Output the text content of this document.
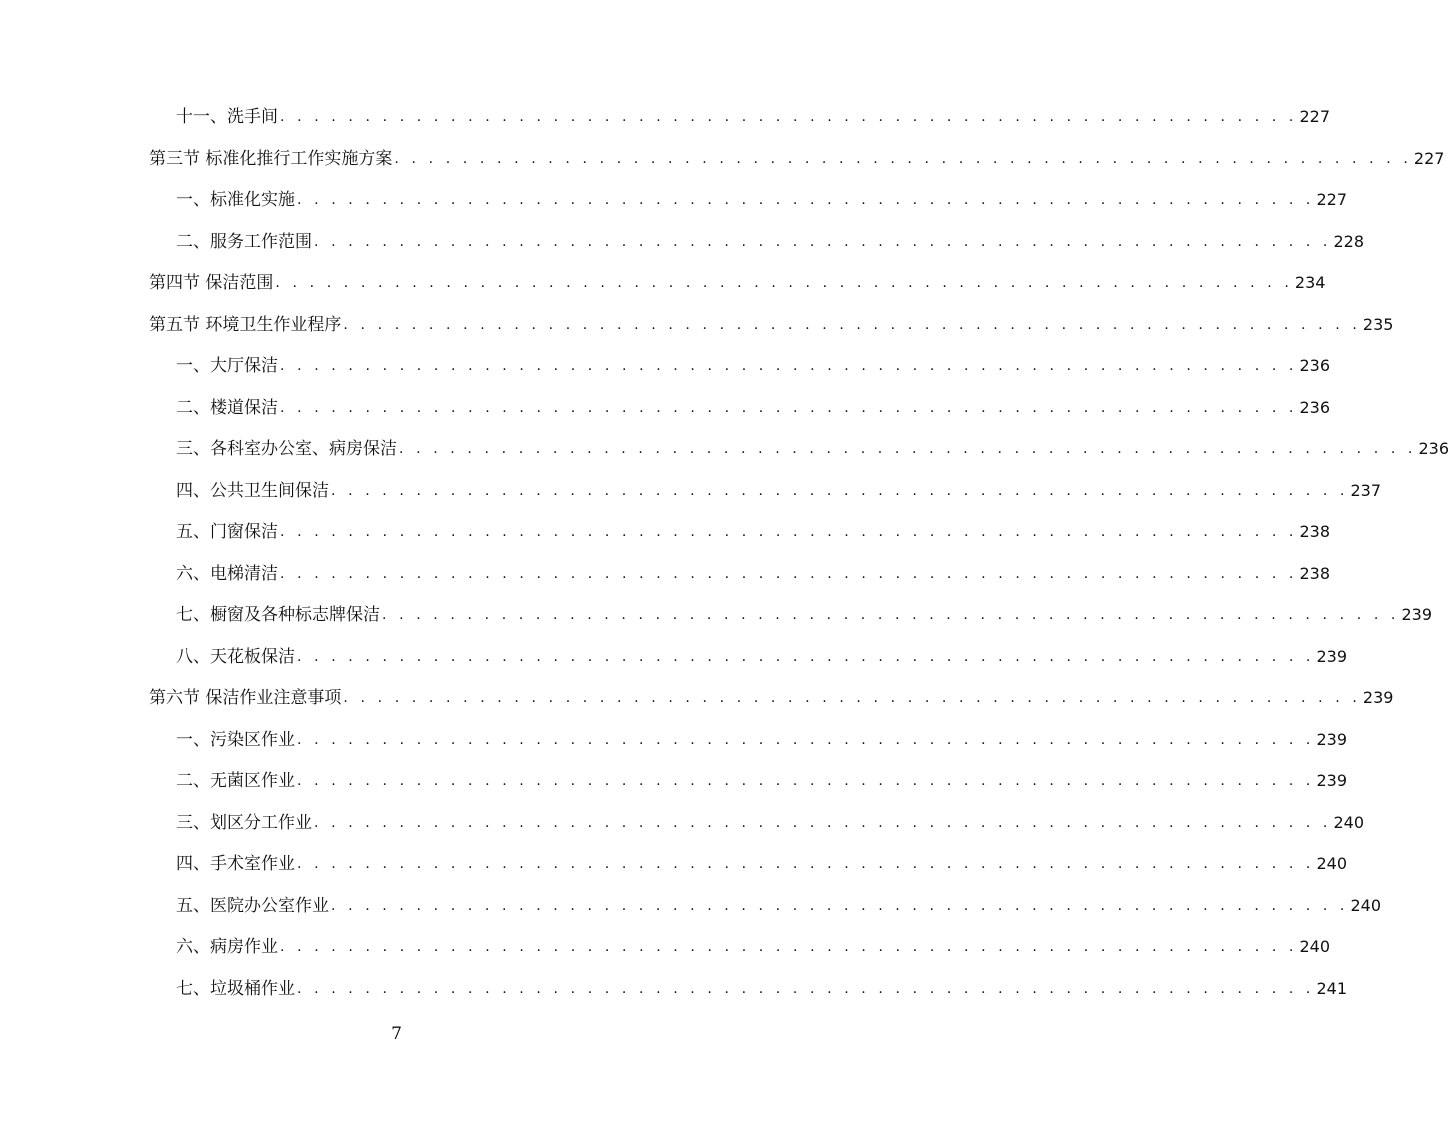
十一、洗手间 . . . . . . . . . . . . . . . . . . . . . . . . . . . . . . . . . . . . . . . . . . . . . . . . . . . . . . . . . . . . 227
第三节 标准化推行工作实施方案 . . . . . . . . . . . . . . . . . . . . . . . . . . . . . . . . . . . . . . . . . . . . . . . . . . . . . . . . . . . . 227
一、标准化实施 . . . . . . . . . . . . . . . . . . . . . . . . . . . . . . . . . . . . . . . . . . . . . . . . . . . . . . . . . . . . 227
二、服务工作范围 . . . . . . . . . . . . . . . . . . . . . . . . . . . . . . . . . . . . . . . . . . . . . . . . . . . . . . . . . . . . 228
第四节 保洁范围 . . . . . . . . . . . . . . . . . . . . . . . . . . . . . . . . . . . . . . . . . . . . . . . . . . . . . . . . . . . . 234
第五节 环境卫生作业程序 . . . . . . . . . . . . . . . . . . . . . . . . . . . . . . . . . . . . . . . . . . . . . . . . . . . . . . . . . . . . 235
一、大厅保洁 . . . . . . . . . . . . . . . . . . . . . . . . . . . . . . . . . . . . . . . . . . . . . . . . . . . . . . . . . . . . 236
二、楼道保洁 . . . . . . . . . . . . . . . . . . . . . . . . . . . . . . . . . . . . . . . . . . . . . . . . . . . . . . . . . . . . 236
三、各科室办公室、病房保洁 . . . . . . . . . . . . . . . . . . . . . . . . . . . . . . . . . . . . . . . . . . . . . . . . . . . . . . . . . . . . 236
四、公共卫生间保洁 . . . . . . . . . . . . . . . . . . . . . . . . . . . . . . . . . . . . . . . . . . . . . . . . . . . . . . . . . . . . 237
五、门窗保洁 . . . . . . . . . . . . . . . . . . . . . . . . . . . . . . . . . . . . . . . . . . . . . . . . . . . . . . . . . . . . 238
六、电梯清洁 . . . . . . . . . . . . . . . . . . . . . . . . . . . . . . . . . . . . . . . . . . . . . . . . . . . . . . . . . . . . 238
七、橱窗及各种标志牌保洁 . . . . . . . . . . . . . . . . . . . . . . . . . . . . . . . . . . . . . . . . . . . . . . . . . . . . . . . . . . . . 239
八、天花板保洁 . . . . . . . . . . . . . . . . . . . . . . . . . . . . . . . . . . . . . . . . . . . . . . . . . . . . . . . . . . . . 239
第六节 保洁作业注意事项 . . . . . . . . . . . . . . . . . . . . . . . . . . . . . . . . . . . . . . . . . . . . . . . . . . . . . . . . . . . . 239
一、污染区作业 . . . . . . . . . . . . . . . . . . . . . . . . . . . . . . . . . . . . . . . . . . . . . . . . . . . . . . . . . . . . 239
二、无菌区作业 . . . . . . . . . . . . . . . . . . . . . . . . . . . . . . . . . . . . . . . . . . . . . . . . . . . . . . . . . . . . 239
三、划区分工作业 . . . . . . . . . . . . . . . . . . . . . . . . . . . . . . . . . . . . . . . . . . . . . . . . . . . . . . . . . . . . 240
四、手术室作业 . . . . . . . . . . . . . . . . . . . . . . . . . . . . . . . . . . . . . . . . . . . . . . . . . . . . . . . . . . . . 240
五、医院办公室作业 . . . . . . . . . . . . . . . . . . . . . . . . . . . . . . . . . . . . . . . . . . . . . . . . . . . . . . . . . . . . 240
六、病房作业 . . . . . . . . . . . . . . . . . . . . . . . . . . . . . . . . . . . . . . . . . . . . . . . . . . . . . . . . . . . . 240
七、垃圾桶作业 . . . . . . . . . . . . . . . . . . . . . . . . . . . . . . . . . . . . . . . . . . . . . . . . . . . . . . . . . . . . 241
7
